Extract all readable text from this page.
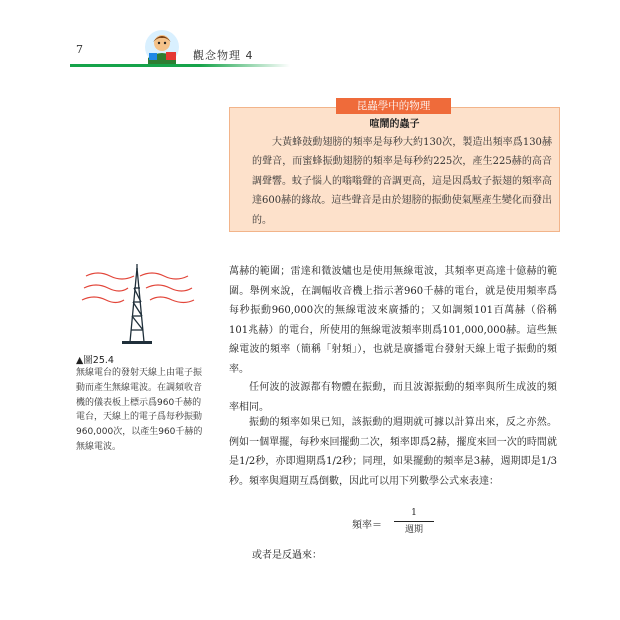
7	觀念物理 4
昆蟲學中的物理
喧鬧的蟲子
大黃蜂鼓動翅膀的頻率是每秒大約130次，製造出頻率爲130赫的聲音，而蜜蜂振動翅膀的頻率是每秒約225次，產生225赫的高音調聲響。蚊子惱人的嗡嗡聲的音調更高，這是因爲蚊子振翅的頻率高達600赫的緣故。這些聲音是由於翅膀的振動使氣壓產生變化而發出的。
▲圖25.4
無線電台的發射天線上由電子振動而產生無線電波。在調頻收音機的儀表板上標示爲960千赫的電台，天線上的電子爲每秒振動960,000次，以產生960千赫的無線電波。
萬赫的範圍；雷達和微波爐也是使用無線電波，其頻率更高達十億赫的範圍。舉例來說，在調幅收音機上指示著960千赫的電台，就是使用頻率爲每秒振動960,000次的無線電波來廣播的；又如調頻101百萬赫（俗稱101兆赫）的電台，所使用的無線電波頻率則爲101,000,000赫。這些無線電波的頻率（簡稱「射頻」），也就是廣播電台發射天線上電子振動的頻率。
任何波的波源都有物體在振動，而且波源振動的頻率與所生成波的頻率相同。
振動的頻率如果已知，該振動的週期就可據以計算出來，反之亦然。例如一個單擺，每秒來回擺動二次，頻率即爲2赫，擺度來回一次的時間就是1/2秒，亦即週期爲1/2秒；同理，如果擺動的頻率是3赫，週期即是1/3秒。頻率與週期互爲倒數，因此可以用下列數學公式來表達：
頻率＝
1
週期
或者是反過來：
